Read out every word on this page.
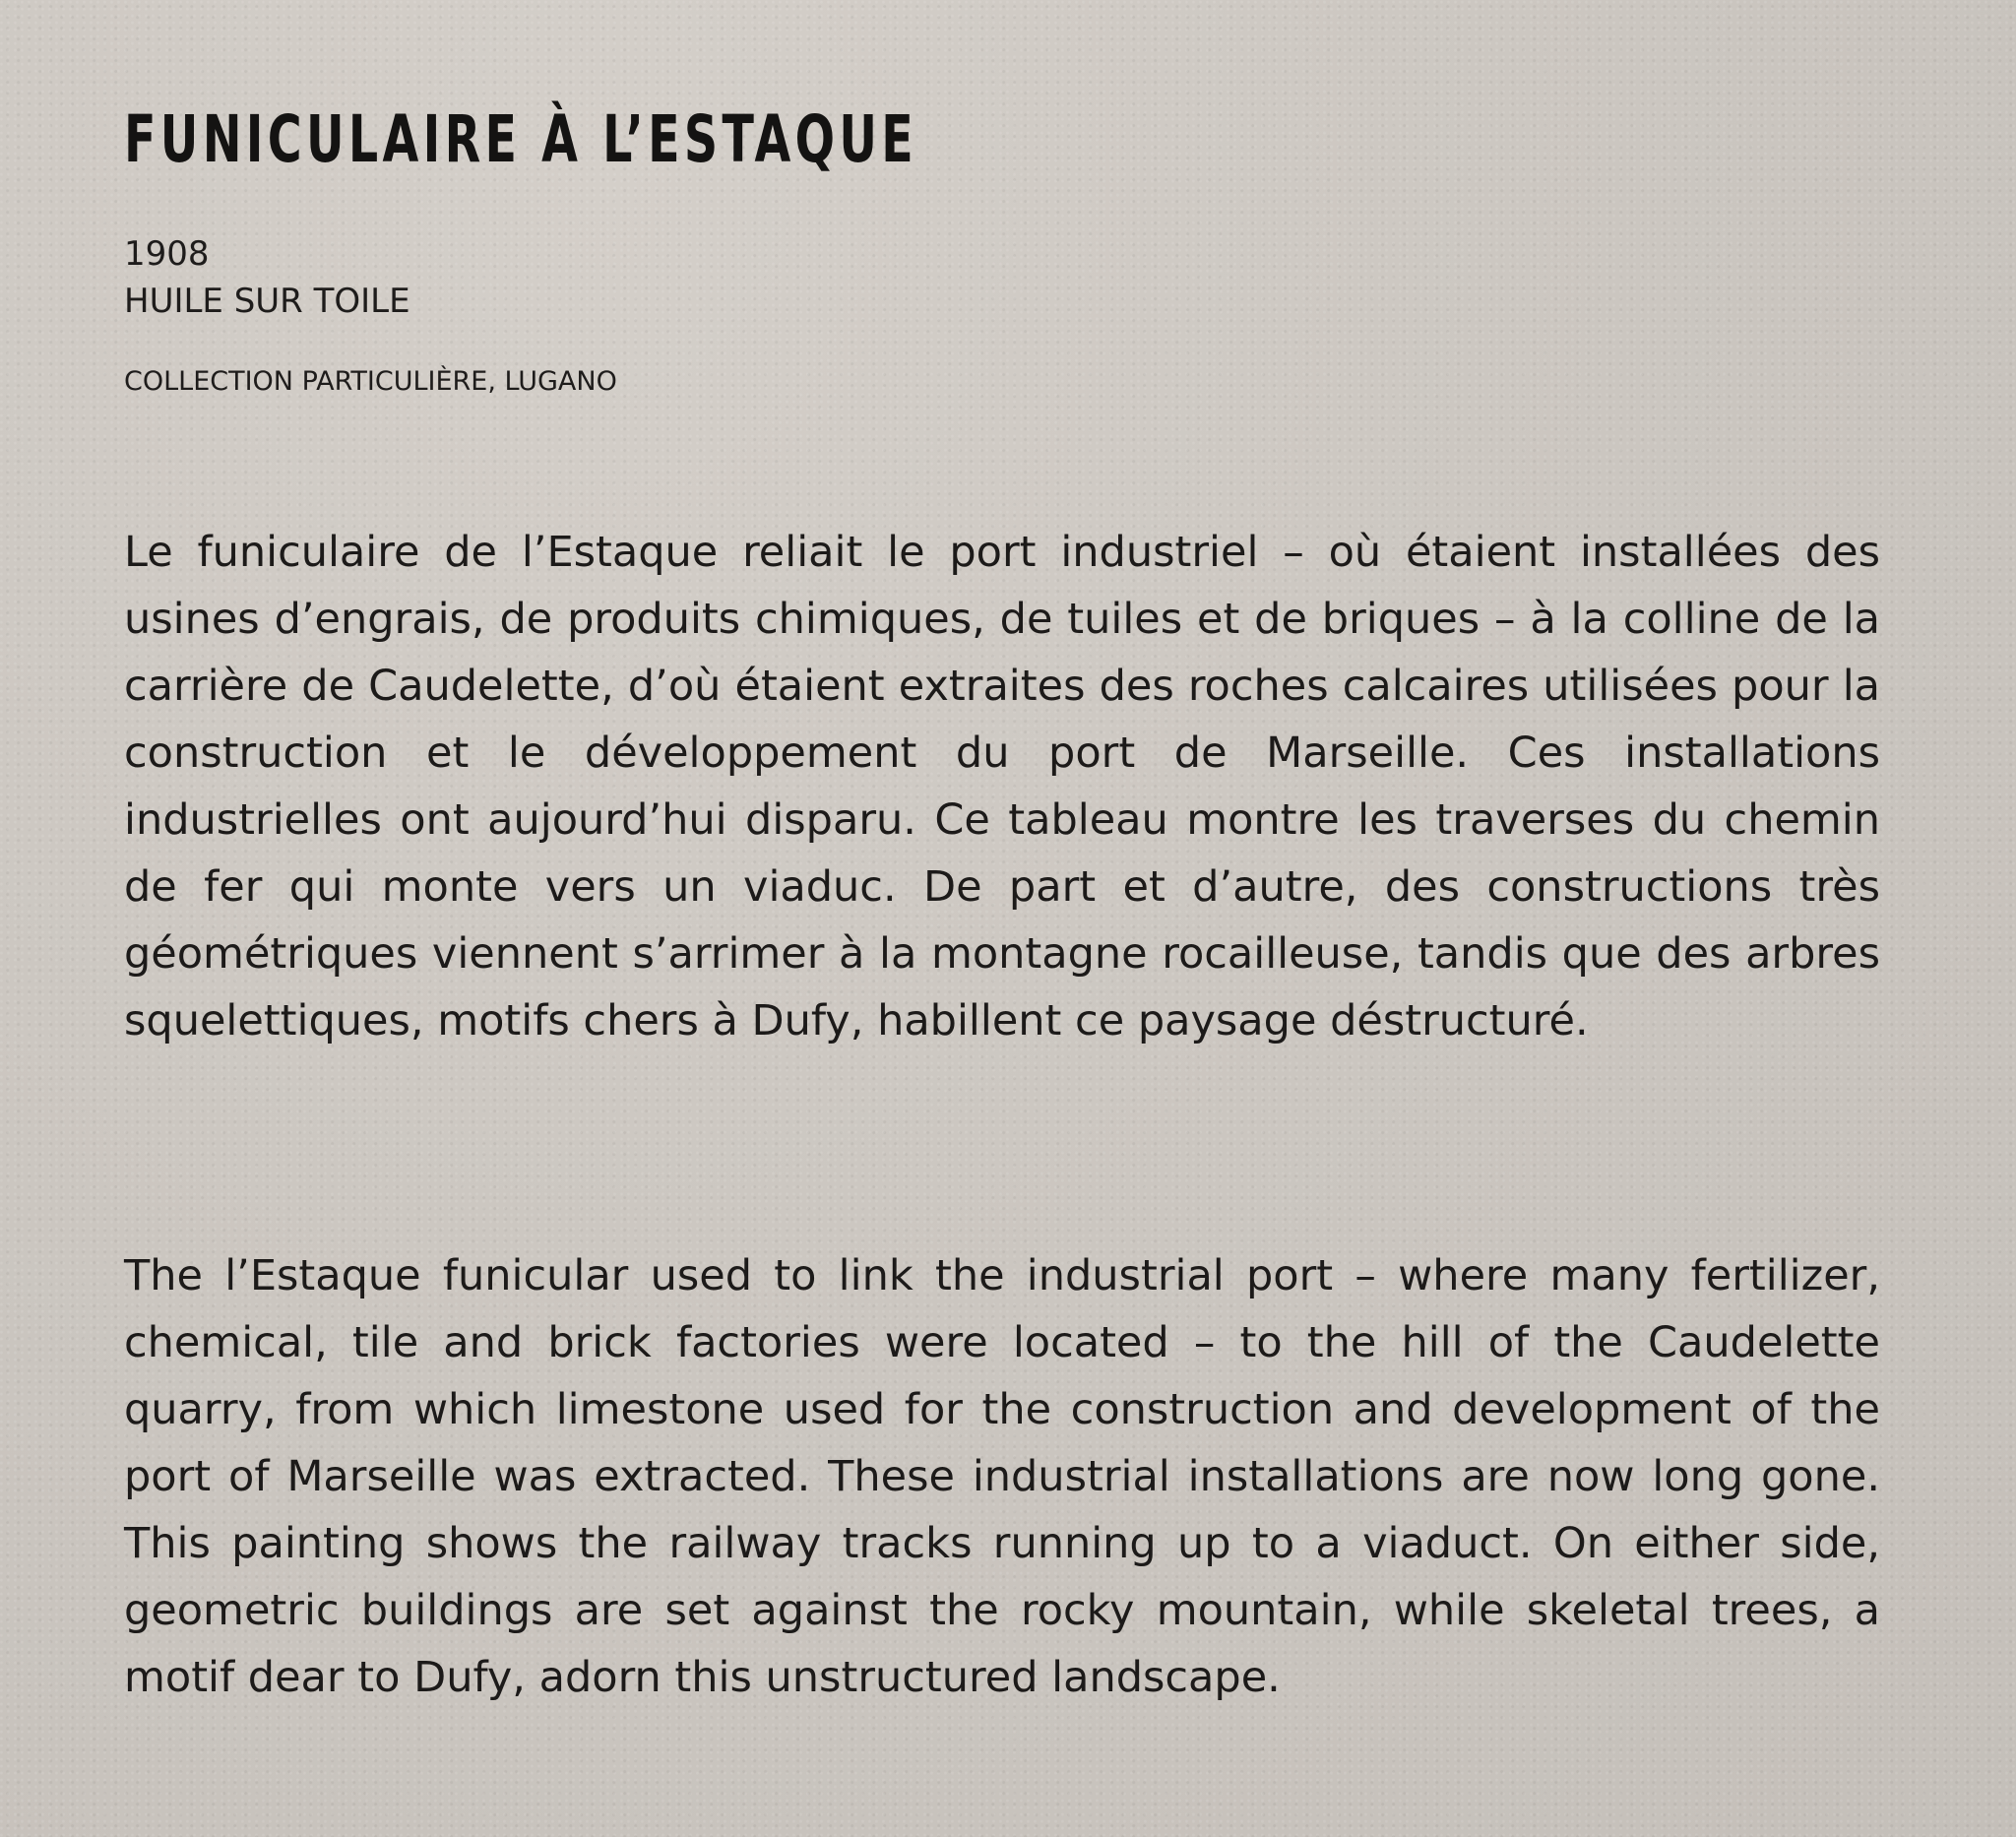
FUNICULAIRE À L’ESTAQUE
1908
HUILE SUR TOILE
COLLECTION PARTICULIÈRE, LUGANO

Le funiculaire de l’Estaque reliait le port industriel – où étaient installées des usines d’engrais, de produits chimiques, de tuiles et de briques – à la colline de la carrière de Caudelette, d’où étaient extraites des roches calcaires utilisées pour la construction et le développement du port de Marseille. Ces installations industrielles ont aujourd’hui disparu. Ce tableau montre les traverses du chemin de fer qui monte vers un viaduc. De part et d’autre, des constructions très géométriques viennent s’arrimer à la montagne rocailleuse, tandis que des arbres squelettiques, motifs chers à Dufy, habillent ce paysage déstructuré.

The l’Estaque funicular used to link the industrial port – where many fertilizer, chemical, tile and brick factories were located – to the hill of the Caudelette quarry, from which limestone used for the construction and development of the port of Marseille was extracted. These industrial installations are now long gone. This painting shows the railway tracks running up to a viaduct. On either side, geometric buildings are set against the rocky mountain, while skeletal trees, a motif dear to Dufy, adorn this unstructured landscape.
